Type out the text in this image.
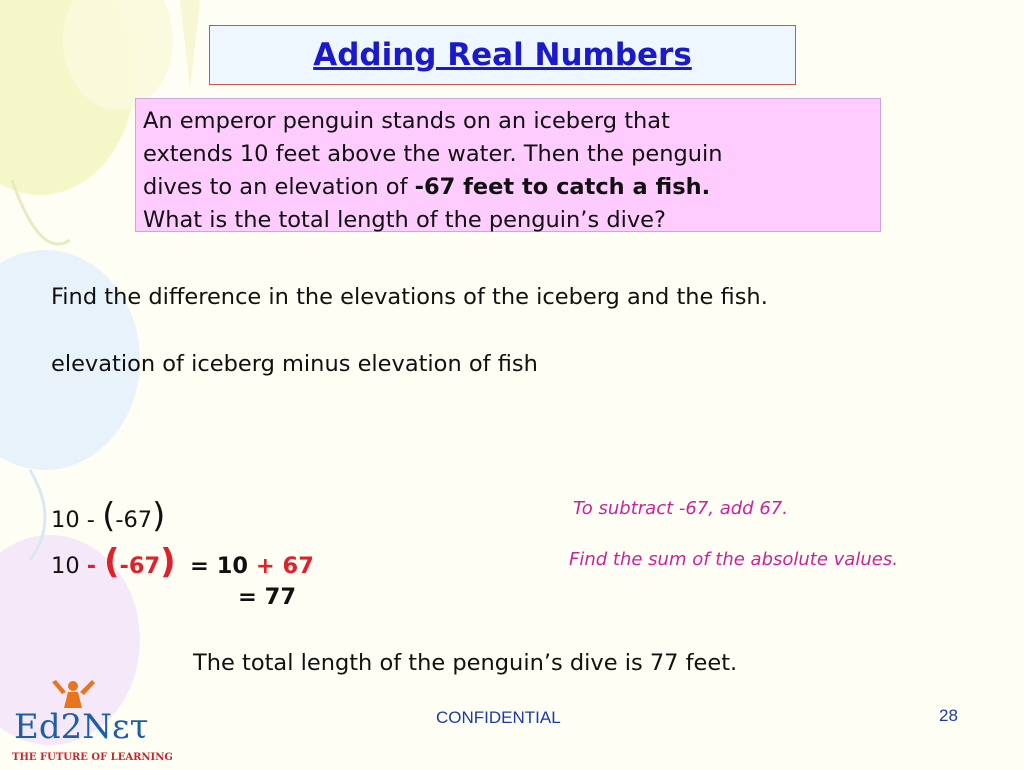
Adding Real Numbers
An emperor penguin stands on an iceberg that
extends 10 feet above the water. Then the penguin
dives to an elevation of -67 feet to catch a fish.
What is the total length of the penguin’s dive?
Find the difference in the elevations of the iceberg and the fish.
elevation of iceberg minus elevation of fish
10 - (-67)
10 - (-67) = 10 + 67
= 77
To subtract -67, add 67.
Find the sum of the absolute values.
The total length of the penguin’s dive is 77 feet.
CONFIDENTIAL	28
Ed2Nετ
THE FUTURE OF LEARNING
